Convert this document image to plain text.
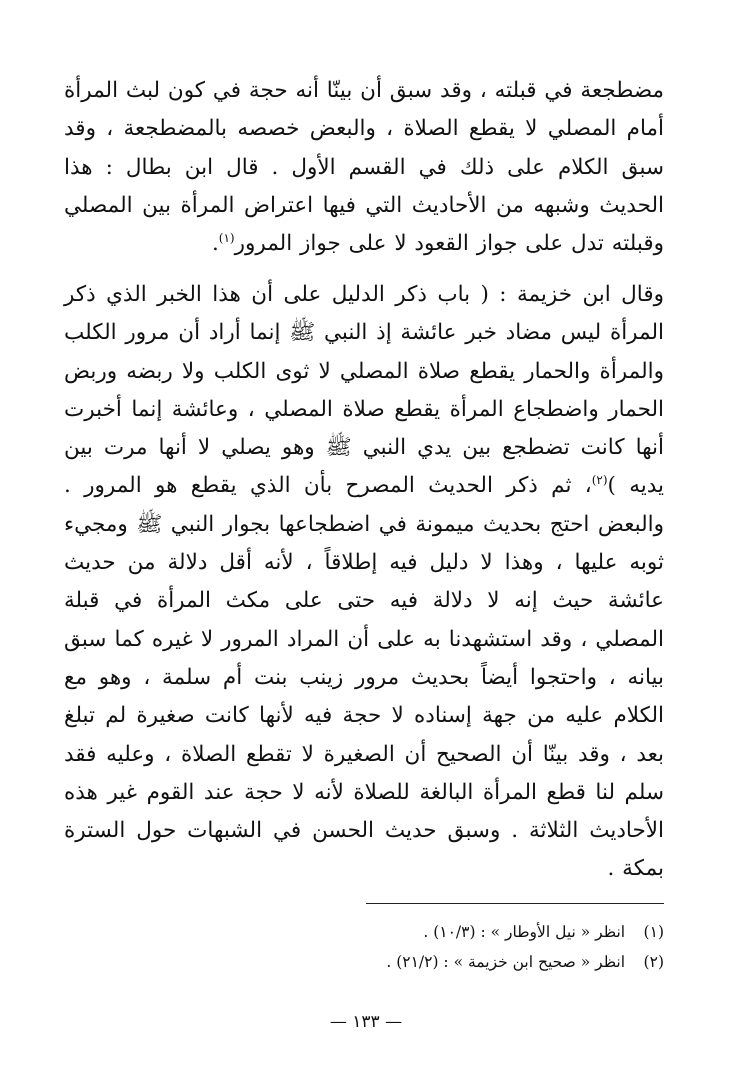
مضطجعة في قبلته ، وقد سبق أن بينّا أنه حجة في كون لبث المرأة أمام المصلي لا يقطع الصلاة ، والبعض خصصه بالمضطجعة ، وقد سبق الكلام على ذلك في القسم الأول . قال ابن بطال : هذا الحديث وشبهه من الأحاديث التي فيها اعتراض المرأة بين المصلي وقبلته تدل على جواز القعود لا على جواز المرور$^{(١)}$.

وقال ابن خزيمة : ( باب ذكر الدليل على أن هذا الخبر الذي ذكر المرأة ليس مضاد خبر عائشة إذ النبي ﷺ إنما أراد أن مرور الكلب والمرأة والحمار يقطع صلاة المصلي لا ثوى الكلب ولا ربضه وربض الحمار واضطجاع المرأة يقطع صلاة المصلي ، وعائشة إنما أخبرت أنها كانت تضطجع بين يدي النبي ﷺ وهو يصلي لا أنها مرت بين يديه )$^{(٢)}$، ثم ذكر الحديث المصرح بأن الذي يقطع هو المرور . والبعض احتج بحديث ميمونة في اضطجاعها بجوار النبي ﷺ ومجيء ثوبه عليها ، وهذا لا دليل فيه إطلاقاً ، لأنه أقل دلالة من حديث عائشة حيث إنه لا دلالة فيه حتى على مكث المرأة في قبلة المصلي ، وقد استشهدنا به على أن المراد المرور لا غيره كما سبق بيانه ، واحتجوا أيضاً بحديث مرور زينب بنت أم سلمة ، وهو مع الكلام عليه من جهة إسناده لا حجة فيه لأنها كانت صغيرة لم تبلغ بعد ، وقد بينّا أن الصحيح أن الصغيرة لا تقطع الصلاة ، وعليه فقد سلم لنا قطع المرأة البالغة للصلاة لأنه لا حجة عند القوم غير هذه الأحاديث الثلاثة . وسبق حديث الحسن في الشبهات حول السترة بمكة .

(١) انظر « نيل الأوطار » : (١٠/٣) .
(٢) انظر « صحيح ابن خزيمة » : (٢١/٢) .
— ١٣٣ —
